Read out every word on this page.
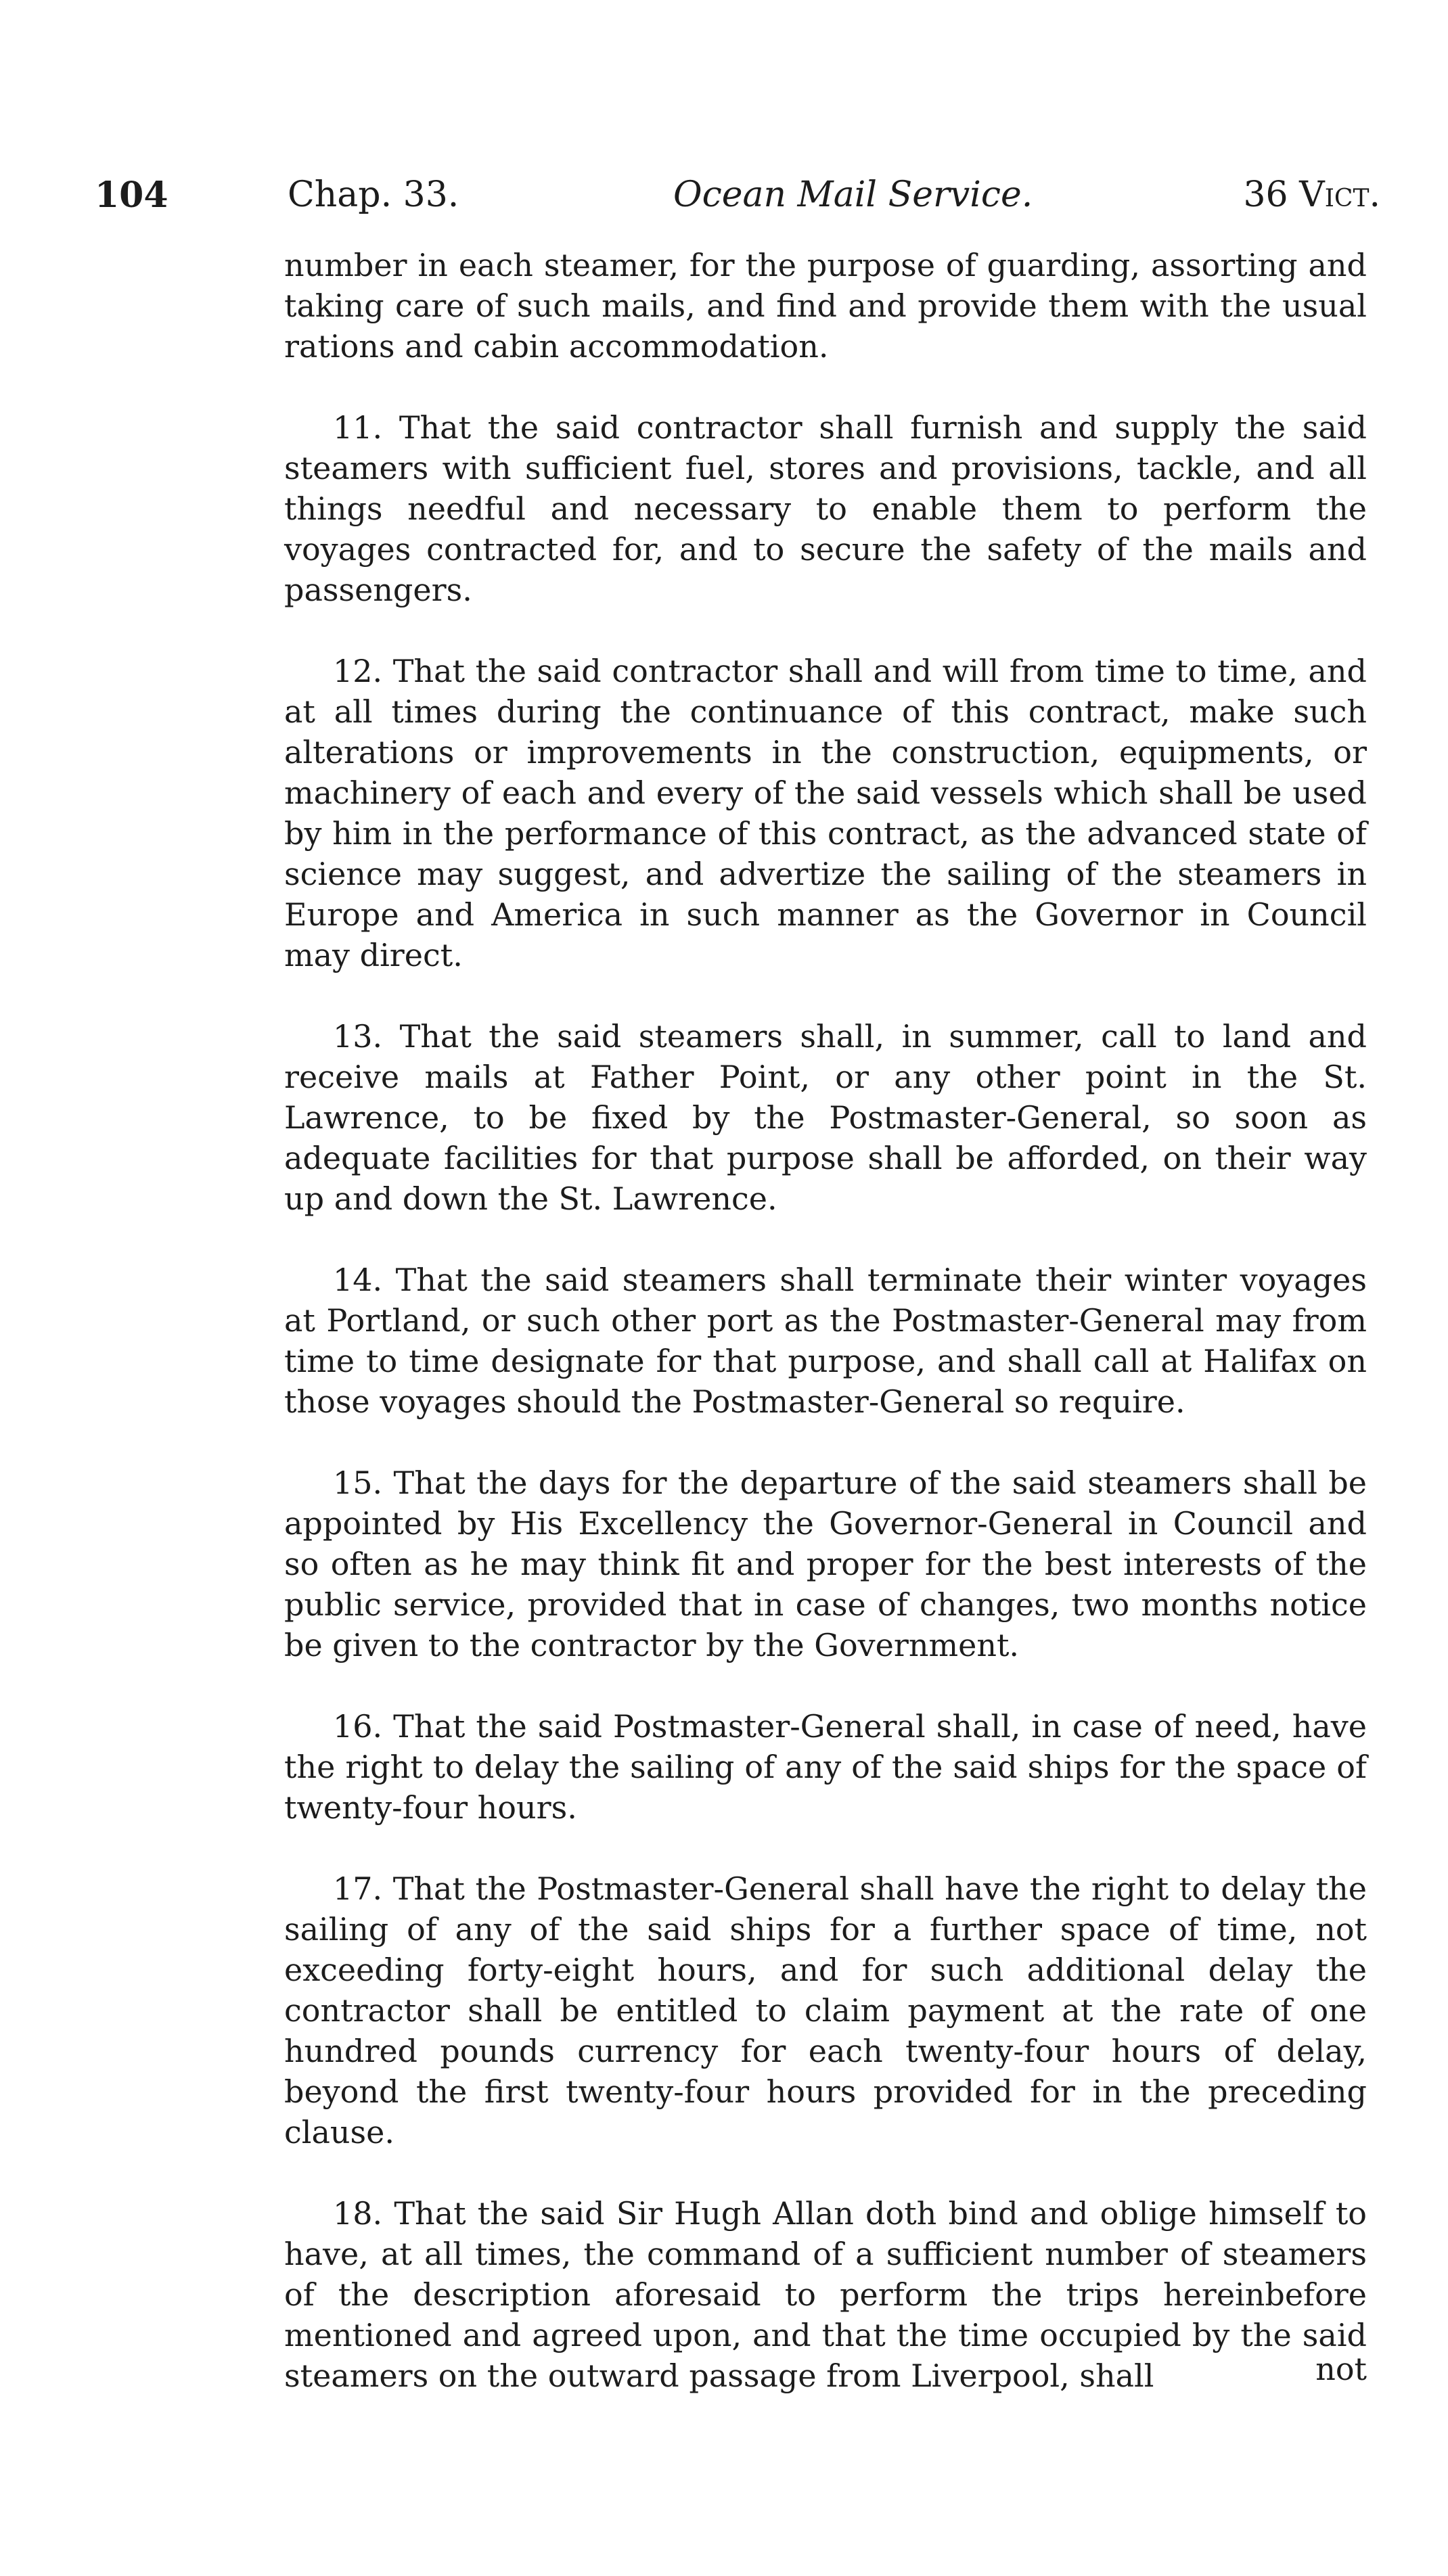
104	Chap. 33.	Ocean Mail Service.	36 Vict.

number in each steamer, for the purpose of guarding, assorting and taking care of such mails, and find and provide them with the usual rations and cabin accommodation.

11. That the said contractor shall furnish and supply the said steamers with sufficient fuel, stores and provisions, tackle, and all things needful and necessary to enable them to perform the voyages contracted for, and to secure the safety of the mails and passengers.

12. That the said contractor shall and will from time to time, and at all times during the continuance of this contract, make such alterations or improvements in the construction, equipments, or machinery of each and every of the said vessels which shall be used by him in the performance of this contract, as the advanced state of science may suggest, and advertize the sailing of the steamers in Europe and America in such manner as the Governor in Council may direct.

13. That the said steamers shall, in summer, call to land and receive mails at Father Point, or any other point in the St. Lawrence, to be fixed by the Postmaster-General, so soon as adequate facilities for that purpose shall be afforded, on their way up and down the St. Lawrence.

14. That the said steamers shall terminate their winter voyages at Portland, or such other port as the Postmaster-General may from time to time designate for that purpose, and shall call at Halifax on those voyages should the Postmaster-General so require.

15. That the days for the departure of the said steamers shall be appointed by His Excellency the Governor-General in Council and so often as he may think fit and proper for the best interests of the public service, provided that in case of changes, two months notice be given to the contractor by the Government.

16. That the said Postmaster-General shall, in case of need, have the right to delay the sailing of any of the said ships for the space of twenty-four hours.

17. That the Postmaster-General shall have the right to delay the sailing of any of the said ships for a further space of time, not exceeding forty-eight hours, and for such additional delay the contractor shall be entitled to claim payment at the rate of one hundred pounds currency for each twenty-four hours of delay, beyond the first twenty-four hours provided for in the preceding clause.

18. That the said Sir Hugh Allan doth bind and oblige himself to have, at all times, the command of a sufficient number of steamers of the description aforesaid to perform the trips hereinbefore mentioned and agreed upon, and that the time occupied by the said steamers on the outward passage from Liverpool, shall	not
